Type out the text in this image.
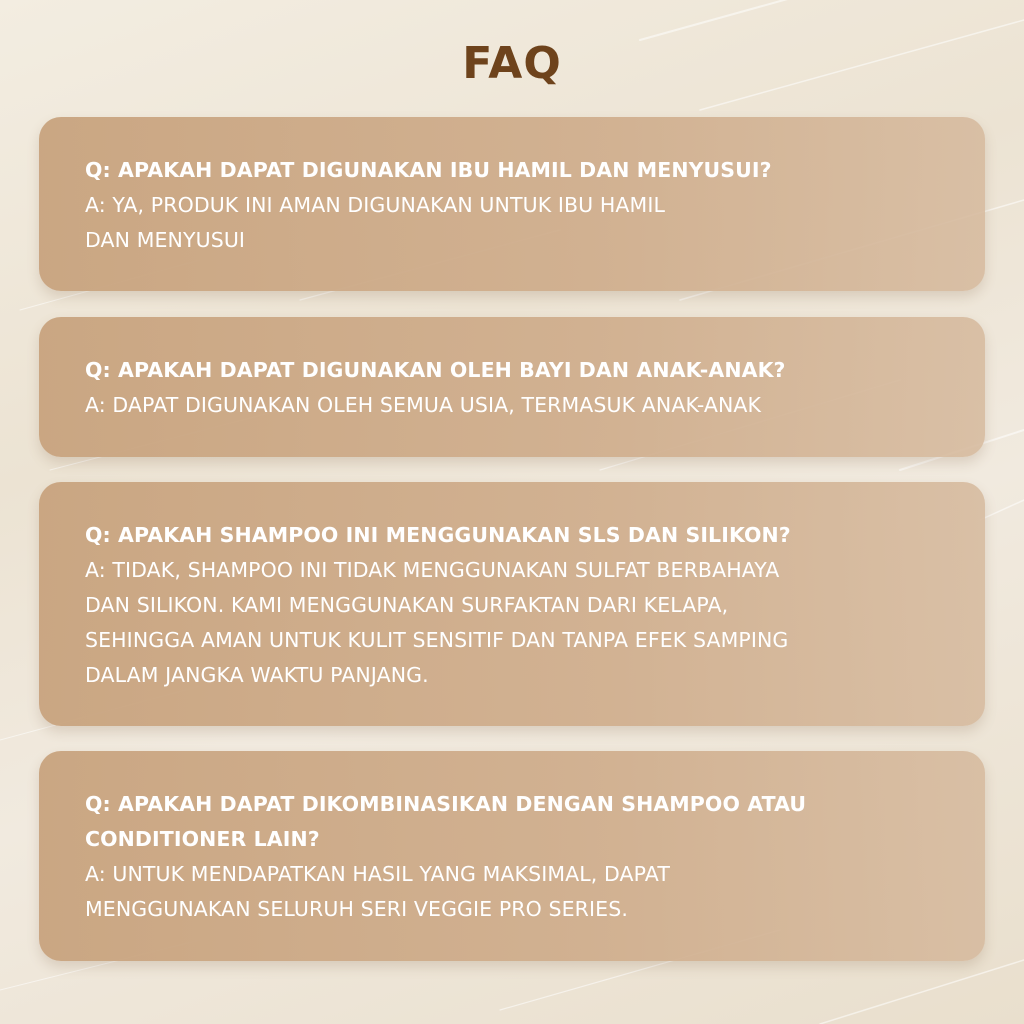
FAQ
Q: APAKAH DAPAT DIGUNAKAN IBU HAMIL DAN MENYUSUI?
A: YA, PRODUK INI AMAN DIGUNAKAN UNTUK IBU HAMIL
DAN MENYUSUI
Q: APAKAH DAPAT DIGUNAKAN OLEH BAYI DAN ANAK-ANAK?
A: DAPAT DIGUNAKAN OLEH SEMUA USIA, TERMASUK ANAK-ANAK
Q: APAKAH SHAMPOO INI MENGGUNAKAN SLS DAN SILIKON?
A: TIDAK, SHAMPOO INI TIDAK MENGGUNAKAN SULFAT BERBAHAYA
DAN SILIKON. KAMI MENGGUNAKAN SURFAKTAN DARI KELAPA,
SEHINGGA AMAN UNTUK KULIT SENSITIF DAN TANPA EFEK SAMPING
DALAM JANGKA WAKTU PANJANG.
Q: APAKAH DAPAT DIKOMBINASIKAN DENGAN SHAMPOO ATAU
CONDITIONER LAIN?
A: UNTUK MENDAPATKAN HASIL YANG MAKSIMAL, DAPAT
MENGGUNAKAN SELURUH SERI VEGGIE PRO SERIES.
